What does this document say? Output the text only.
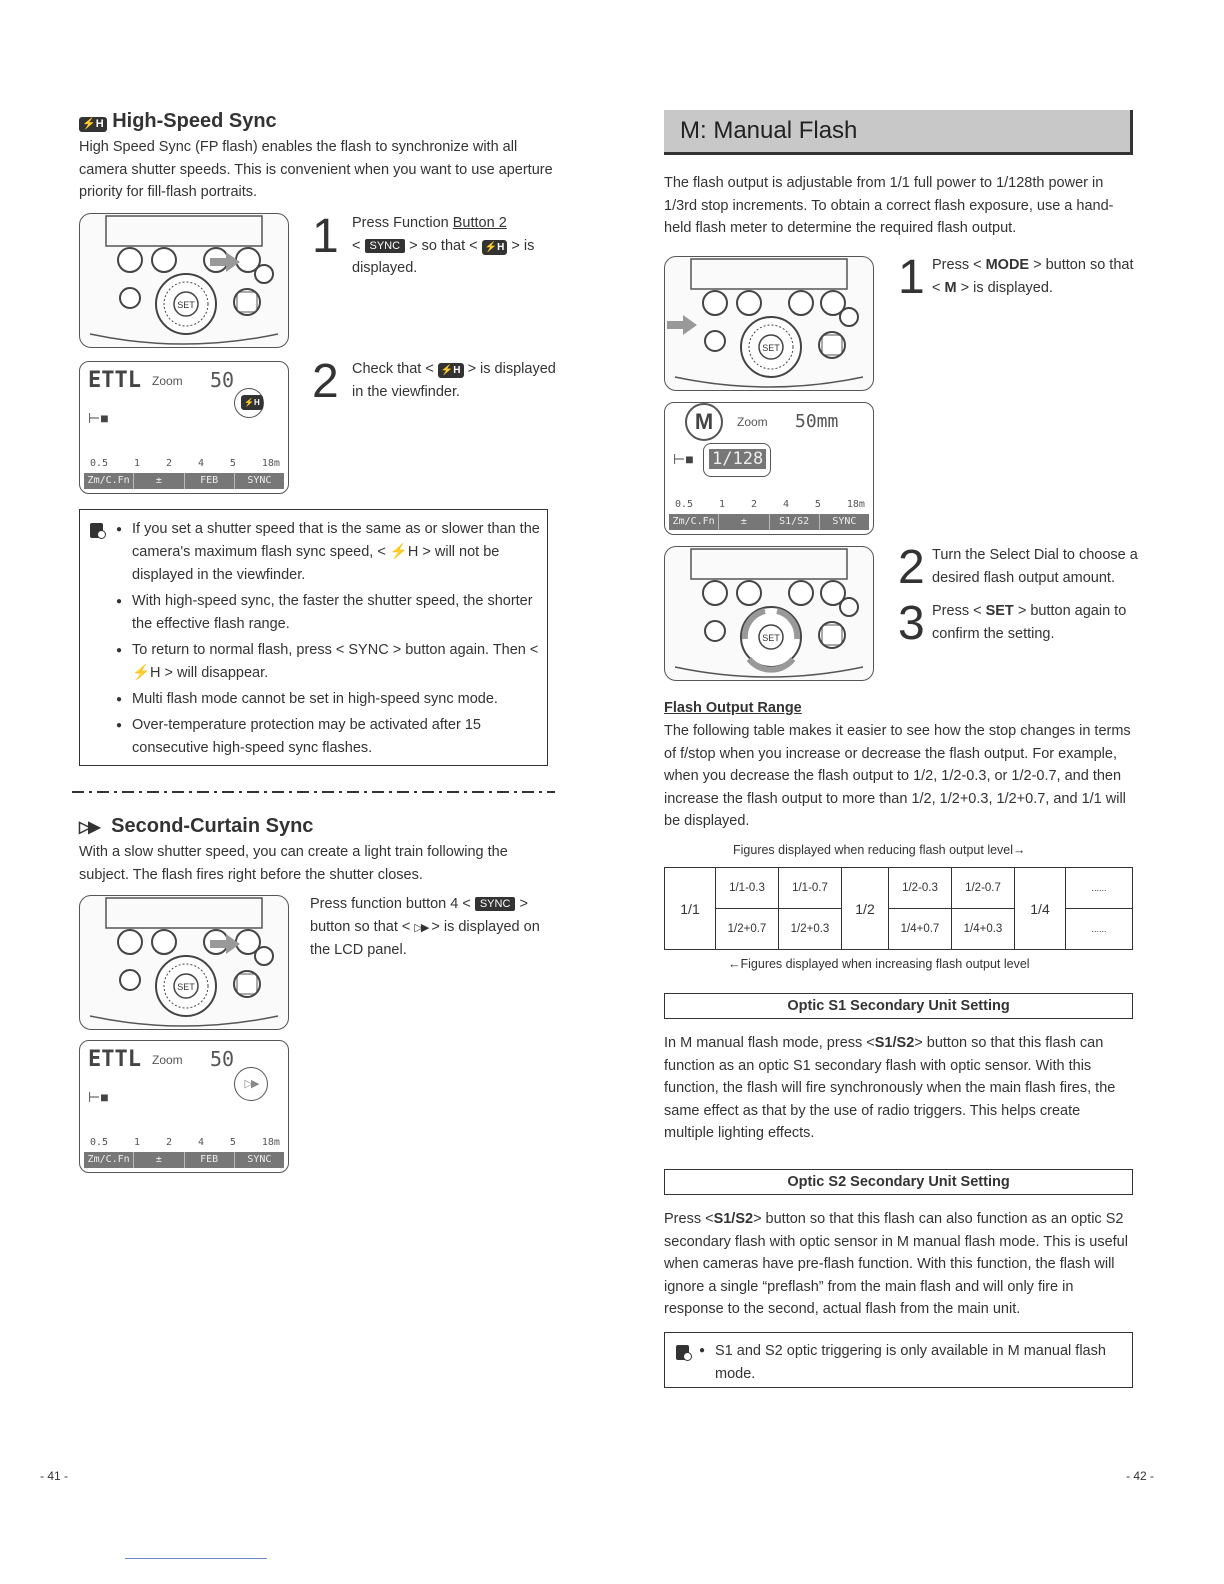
⚡H High-Speed Sync
High Speed Sync (FP flash) enables the flash to synchronize with all camera shutter speeds. This is convenient when you want to use aperture priority for fill-flash portraits.
SET
1 Press Function Button 2
< SYNC > so that < ⚡H > is displayed.
ETTL Zoom 50
⚡H
⊢■
0.5	1	2	4	5	18m
Zm/C.Fn	±	FEB	SYNC
2 Check that < ⚡H > is displayed in the viewfinder.
● If you set a shutter speed that is the same as or slower than the camera's maximum flash sync speed, < ⚡H > will not be displayed in the viewfinder.
● With high-speed sync, the faster the shutter speed, the shorter the effective flash range.
● To return to normal flash, press < SYNC > button again. Then < ⚡H > will disappear.
● Multi flash mode cannot be set in high-speed sync mode.
● Over-temperature protection may be activated after 15 consecutive high-speed sync flashes.
▷▶ Second-Curtain Sync
With a slow shutter speed, you can create a light train following the subject. The flash fires right before the shutter closes.
SET
Press function button 4 < SYNC > button so that < ▷▶ > is displayed on the LCD panel.
ETTL Zoom 50
▷▶
⊢■
0.5	1	2	4	5	18m
Zm/C.Fn	±	FEB	SYNC
- 41 -
M: Manual Flash
The flash output is adjustable from 1/1 full power to 1/128th power in 1/3rd stop increments. To obtain a correct flash exposure, use a hand-held flash meter to determine the required flash output.
SET
1 Press < MODE > button so that < M > is displayed.
M	Zoom 50mm
⊢■ 1/128
0.5	1	2	4	5	18m
Zm/C.Fn	±	S1/S2	SYNC
SET
2 Turn the Select Dial to choose a desired flash output amount.
3 Press < SET > button again to confirm the setting.
Flash Output Range
The following table makes it easier to see how the stop changes in terms of f/stop when you increase or decrease the flash output. For example, when you decrease the flash output to 1/2, 1/2-0.3, or 1/2-0.7, and then increase the flash output to more than 1/2, 1/2+0.3, 1/2+0.7, and 1/1 will be displayed.
Figures displayed when reducing flash output level→
1/1	1/1-0.3	1/1-0.7	1/2	1/2-0.3	1/2-0.7	1/4	......
	1/2+0.7	1/2+0.3		1/4+0.7	1/4+0.3		......
←Figures displayed when increasing flash output level
Optic S1 Secondary Unit Setting
In M manual flash mode, press <S1/S2> button so that this flash can function as an optic S1 secondary flash with optic sensor. With this function, the flash will fire synchronously when the main flash fires, the same effect as that by the use of radio triggers. This helps create multiple lighting effects.
Optic S2 Secondary Unit Setting
Press <S1/S2> button so that this flash can also function as an optic S2 secondary flash with optic sensor in M manual flash mode. This is useful when cameras have pre-flash function. With this function, the flash will ignore a single “preflash” from the main flash and will only fire in response to the second, actual flash from the main unit.
● S1 and S2 optic triggering is only available in M manual flash mode.
- 42 -
